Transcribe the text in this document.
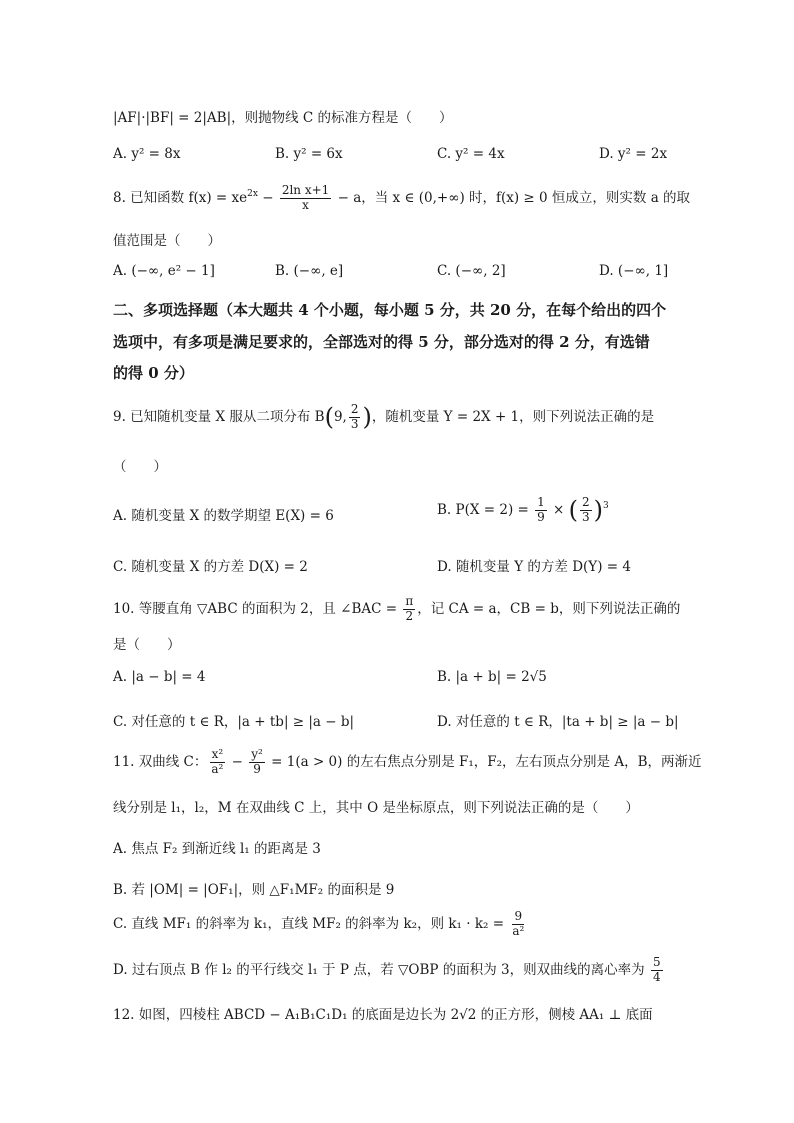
|AF|·|BF| = 2|AB|，则抛物线 C 的标准方程是（　　）
A. y² = 8x	B. y² = 6x	C. y² = 4x	D. y² = 2x
8. 已知函数 $f(x) = xe^{2x} - \frac{\text{2ln x+1}}{x} - a$，当 x ∈ (0,+∞) 时，f(x) ≥ 0 恒成立，则实数 a 的取
值范围是（　　）
A. (−∞, e² − 1]	B. (−∞, e]	C. (−∞, 2]	D. (−∞, 1]
二、多项选择题（本大题共 4 个小题，每小题 5 分，共 20 分，在每个给出的四个
选项中，有多项是满足要求的，全部选对的得 5 分，部分选对的得 2 分，有选错
的得 0 分）
9. 已知随机变量 X 服从二项分布 B(9, $\frac{2}{3}$ )，随机变量 Y = 2X + 1，则下列说法正确的是
（　　）
A. 随机变量 X 的数学期望 E(X) = 6	B. $P(X = 2) = \frac{1}{9}$ × ( $\frac{2}{3} )^3$
C. 随机变量 X 的方差 D(X) = 2	D. 随机变量 Y 的方差 D(Y) = 4
10. 等腰直角 ▽ABC 的面积为 2，且 ∠BAC = $\frac{\pi}{2}$ ，记 CA = a，CB = b，则下列说法正确的
是（　　）
A. |a − b| = 4	B. |a + b| = 2√5
C. 对任意的 t ∈ R，|a + tb| ≥ |a − b|	D. 对任意的 t ∈ R，|ta + b| ≥ |a − b|
11. 双曲线 C： $\frac{\text{x²}}{\text{a²}} - \frac{\text{y²}}{9} = 1(a > 0)$ 的左右焦点分别是 F₁，F₂，左右顶点分别是 A，B，两渐近
线分别是 l₁，l₂，M 在双曲线 C 上，其中 O 是坐标原点，则下列说法正确的是（　　）
A. 焦点 F₂ 到渐近线 l₁ 的距离是 3
B. 若 |OM| = |OF₁|，则 △F₁MF₂ 的面积是 9
C. 直线 MF₁ 的斜率为 k₁，直线 MF₂ 的斜率为 k₂，则 $k_1 \cdot k_2 = \frac{9}{\text{a²}}$
D. 过右顶点 B 作 l₂ 的平行线交 l₁ 于 P 点，若 ▽OBP 的面积为 3，则双曲线的离心率为 $\frac{5}{4}$
12. 如图，四棱柱 ABCD − A₁B₁C₁D₁ 的底面是边长为 2√2 的正方形，侧棱 AA₁ ⊥ 底面
